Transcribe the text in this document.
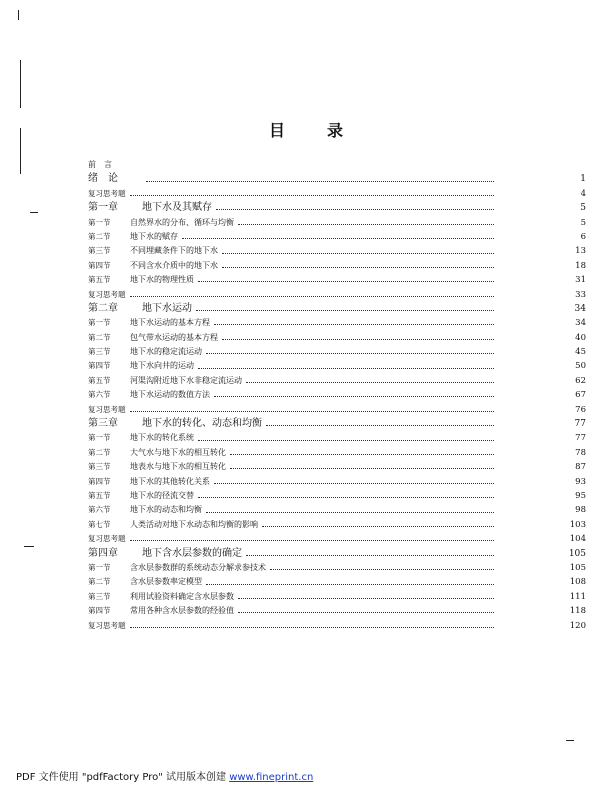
目	录
前　言
绪　论	1
复习思考题	4
第一章	地下水及其赋存	5
第一节	自然界水的分布、循环与均衡	5
第二节	地下水的赋存	6
第三节	不同埋藏条件下的地下水	13
第四节	不同含水介质中的地下水	18
第五节	地下水的物理性质	31
复习思考题	33
第二章	地下水运动	34
第一节	地下水运动的基本方程	34
第二节	包气带水运动的基本方程	40
第三节	地下水的稳定流运动	45
第四节	地下水向井的运动	50
第五节	河渠沟附近地下水非稳定流运动	62
第六节	地下水运动的数值方法	67
复习思考题	76
第三章	地下水的转化、动态和均衡	77
第一节	地下水的转化系统	77
第二节	大气水与地下水的相互转化	78
第三节	地表水与地下水的相互转化	87
第四节	地下水的其他转化关系	93
第五节	地下水的径流交替	95
第六节	地下水的动态和均衡	98
第七节	人类活动对地下水动态和均衡的影响	103
复习思考题	104
第四章	地下含水层参数的确定	105
第一节	含水层参数群的系统动态分解求参技术	105
第二节	含水层参数率定模型	108
第三节	利用试验资料确定含水层参数	111
第四节	常用各种含水层参数的经验值	118
复习思考题	120
PDF 文件使用 "pdfFactory Pro" 试用版本创建 www.fineprint.cn
